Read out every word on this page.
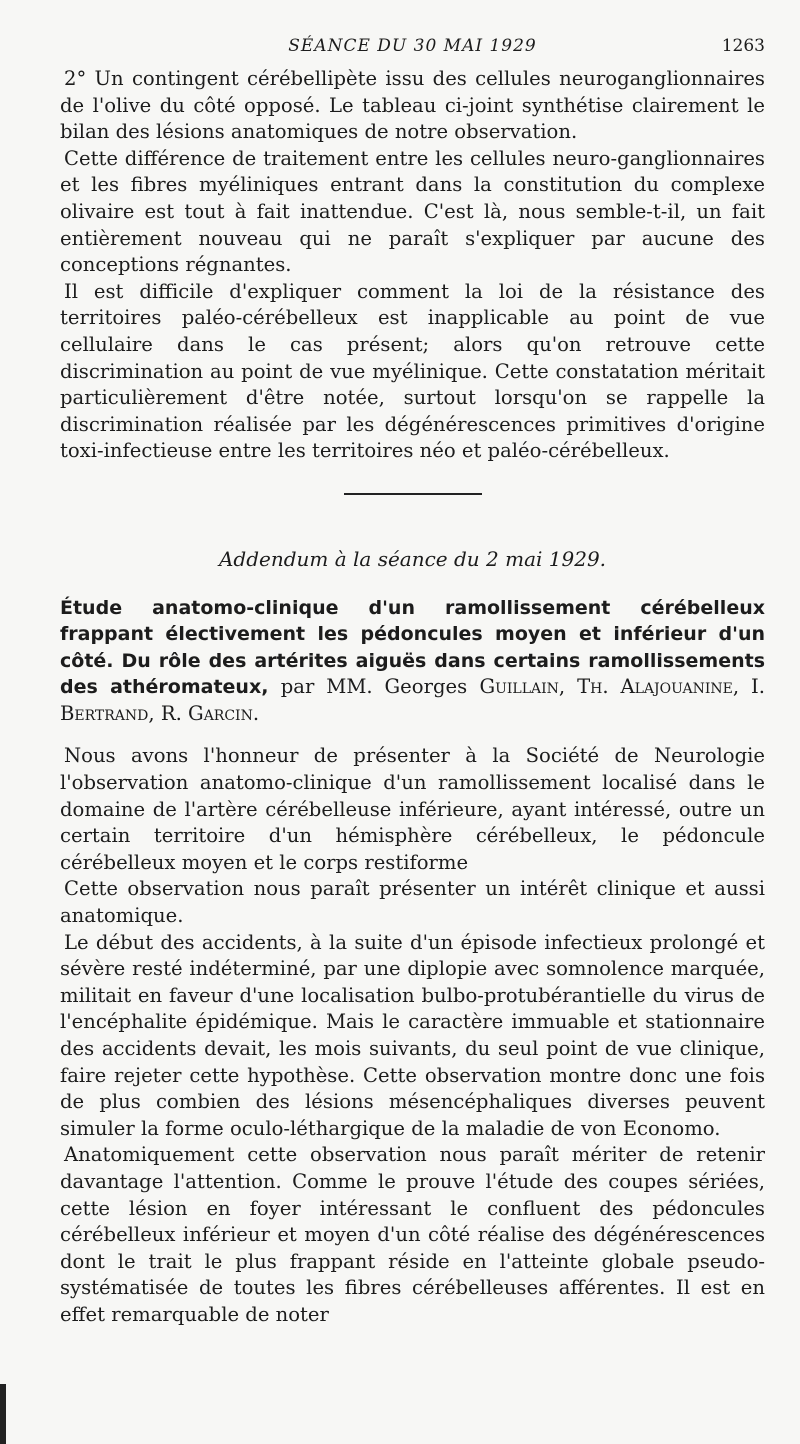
SÉANCE DU 30 MAI 1929	1263

2° Un contingent cérébellipète issu des cellules neuroganglionnaires de l'olive du côté opposé. Le tableau ci-joint synthétise clairement le bilan des lésions anatomiques de notre observation.

Cette différence de traitement entre les cellules neuro-ganglionnaires et les fibres myéliniques entrant dans la constitution du complexe olivaire est tout à fait inattendue. C'est là, nous semble-t-il, un fait entièrement nouveau qui ne paraît s'expliquer par aucune des conceptions régnantes.

Il est difficile d'expliquer comment la loi de la résistance des territoires paléo-cérébelleux est inapplicable au point de vue cellulaire dans le cas présent; alors qu'on retrouve cette discrimination au point de vue myélinique. Cette constatation méritait particulièrement d'être notée, surtout lorsqu'on se rappelle la discrimination réalisée par les dégénérescences primitives d'origine toxi-infectieuse entre les territoires néo et paléo-cérébelleux.

Addendum à la séance du 2 mai 1929.
Étude anatomo-clinique d'un ramollissement cérébelleux frappant électivement les pédoncules moyen et inférieur d'un côté. Du rôle des artérites aiguës dans certains ramollissements des athéromateux, par MM. Georges Guillain, Th. Alajouanine, I. Bertrand, R. Garcin.

Nous avons l'honneur de présenter à la Société de Neurologie l'observation anatomo-clinique d'un ramollissement localisé dans le domaine de l'artère cérébelleuse inférieure, ayant intéressé, outre un certain territoire d'un hémisphère cérébelleux, le pédoncule cérébelleux moyen et le corps restiforme

Cette observation nous paraît présenter un intérêt clinique et aussi anatomique.

Le début des accidents, à la suite d'un épisode infectieux prolongé et sévère resté indéterminé, par une diplopie avec somnolence marquée, militait en faveur d'une localisation bulbo-protubérantielle du virus de l'encéphalite épidémique. Mais le caractère immuable et stationnaire des accidents devait, les mois suivants, du seul point de vue clinique, faire rejeter cette hypothèse. Cette observation montre donc une fois de plus combien des lésions mésencéphaliques diverses peuvent simuler la forme oculo-léthargique de la maladie de von Economo.

Anatomiquement cette observation nous paraît mériter de retenir davantage l'attention. Comme le prouve l'étude des coupes sériées, cette lésion en foyer intéressant le confluent des pédoncules cérébelleux inférieur et moyen d'un côté réalise des dégénérescences dont le trait le plus frappant réside en l'atteinte globale pseudo-systématisée de toutes les fibres cérébelleuses afférentes. Il est en effet remarquable de noter
